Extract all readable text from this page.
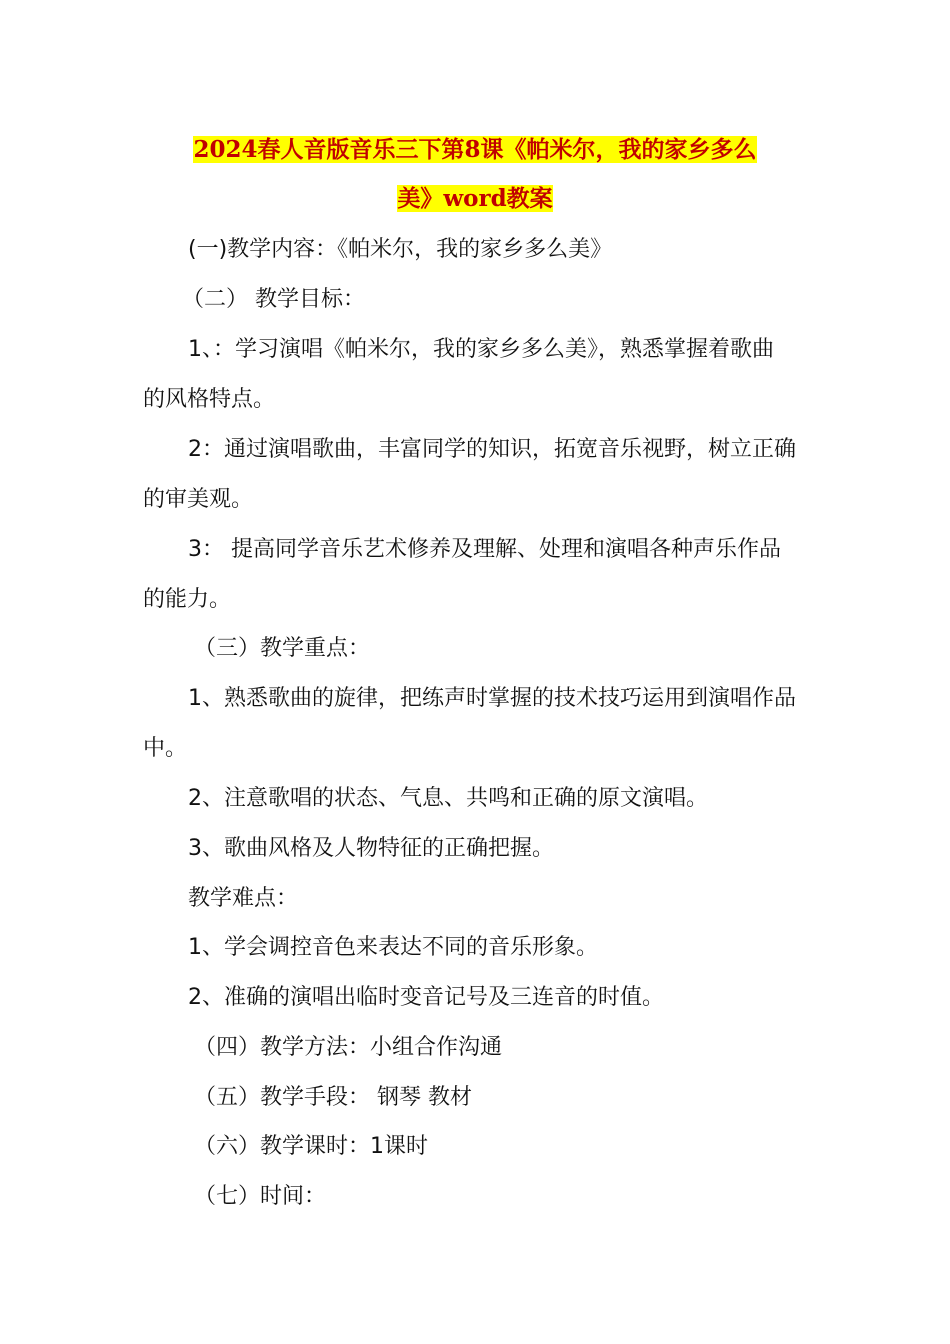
2024春人音版音乐三下第8课《帕米尔，我的家乡多么
美》word教案
(一)教学内容：《帕米尔，我的家乡多么美》
（二） 教学目标：
1、：学习演唱《帕米尔，我的家乡多么美》，熟悉掌握着歌曲
的风格特点。
2：通过演唱歌曲，丰富同学的知识，拓宽音乐视野，树立正确
的审美观。
3： 提高同学音乐艺术修养及理解、处理和演唱各种声乐作品
的能力。
（三）教学重点：
1、熟悉歌曲的旋律，把练声时掌握的技术技巧运用到演唱作品
中。
2、注意歌唱的状态、气息、共鸣和正确的原文演唱。
3、歌曲风格及人物特征的正确把握。
教学难点：
1、学会调控音色来表达不同的音乐形象。
2、准确的演唱出临时变音记号及三连音的时值。
（四）教学方法：小组合作沟通
（五）教学手段： 钢琴 教材
（六）教学课时：1课时
（七）时间：
